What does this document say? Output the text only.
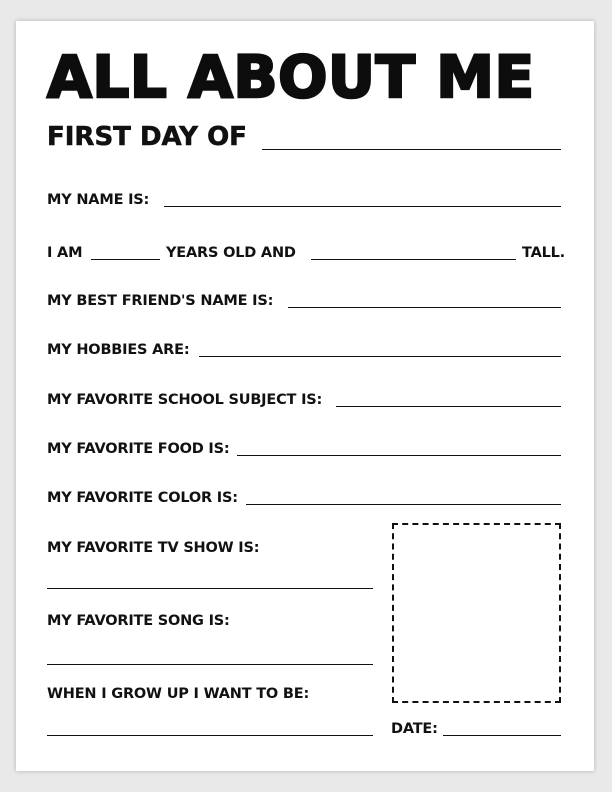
ALL ABOUT ME
FIRST DAY OF
MY NAME IS:
I AM	YEARS OLD AND	TALL.
MY BEST FRIEND'S NAME IS:
MY HOBBIES ARE:
MY FAVORITE SCHOOL SUBJECT IS:
MY FAVORITE FOOD IS:
MY FAVORITE COLOR IS:
MY FAVORITE TV SHOW IS:
MY FAVORITE SONG IS:
WHEN I GROW UP I WANT TO BE:
DATE:
